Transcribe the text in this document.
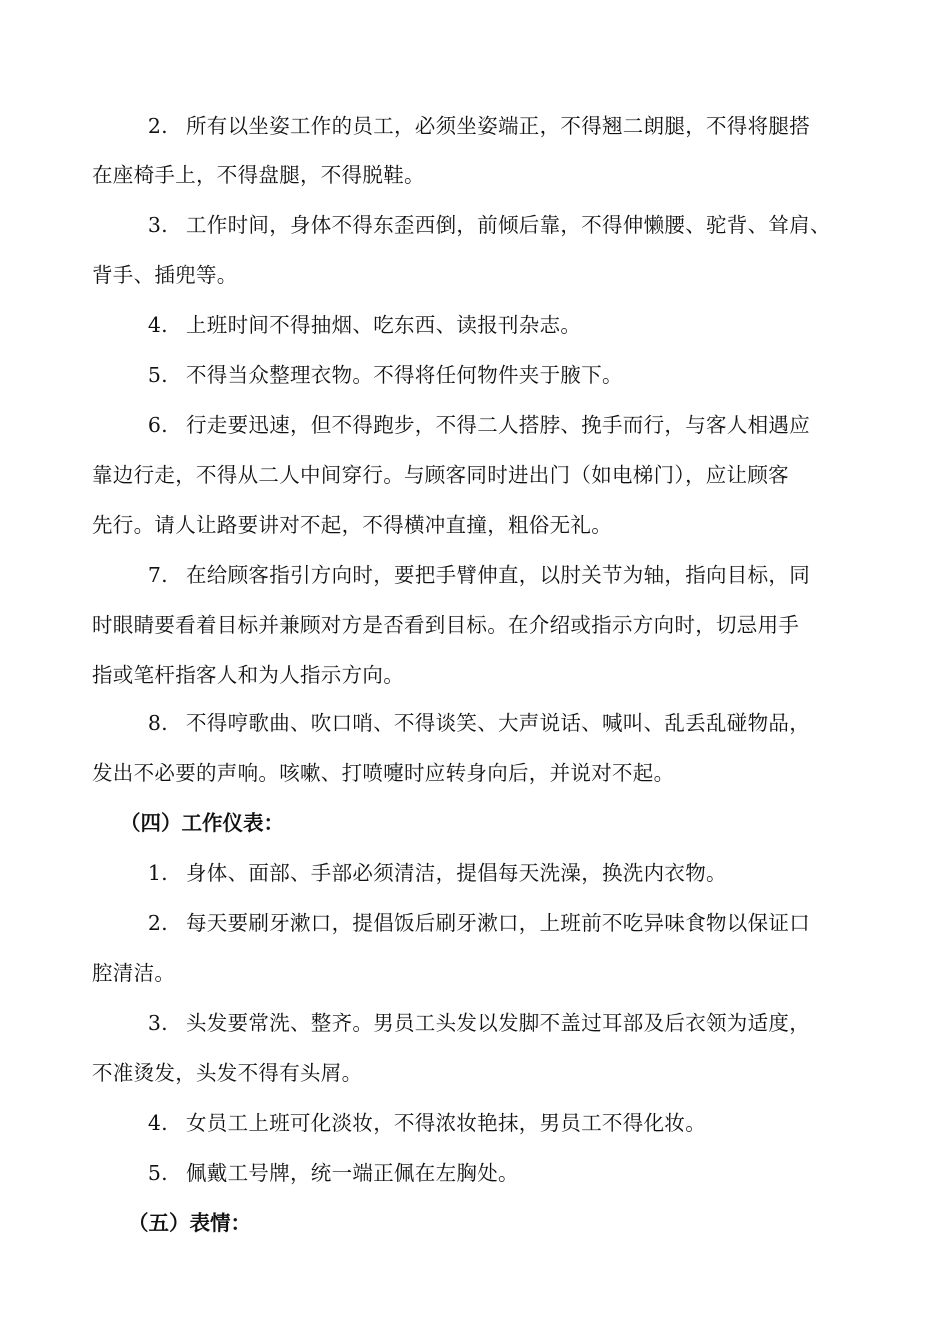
2. 所有以坐姿工作的员工，必须坐姿端正，不得翘二朗腿，不得将腿搭
在座椅手上，不得盘腿，不得脱鞋。
3. 工作时间，身体不得东歪西倒，前倾后靠，不得伸懒腰、驼背、耸肩、
背手、插兜等。
4. 上班时间不得抽烟、吃东西、读报刊杂志。
5. 不得当众整理衣物。不得将任何物件夹于腋下。
6. 行走要迅速，但不得跑步，不得二人搭脖、挽手而行，与客人相遇应
靠边行走，不得从二人中间穿行。与顾客同时进出门（如电梯门），应让顾客
先行。请人让路要讲对不起，不得横冲直撞，粗俗无礼。
7. 在给顾客指引方向时，要把手臂伸直，以肘关节为轴，指向目标，同
时眼睛要看着目标并兼顾对方是否看到目标。在介绍或指示方向时，切忌用手
指或笔杆指客人和为人指示方向。
8. 不得哼歌曲、吹口哨、不得谈笑、大声说话、喊叫、乱丢乱碰物品，
发出不必要的声响。咳嗽、打喷嚏时应转身向后，并说对不起。
（四）工作仪表：
1. 身体、面部、手部必须清洁，提倡每天洗澡，换洗内衣物。
2. 每天要刷牙漱口，提倡饭后刷牙漱口，上班前不吃异味食物以保证口
腔清洁。
3. 头发要常洗、整齐。男员工头发以发脚不盖过耳部及后衣领为适度，
不准烫发，头发不得有头屑。
4. 女员工上班可化淡妆，不得浓妆艳抹，男员工不得化妆。
5. 佩戴工号牌，统一端正佩在左胸处。
（五）表情：
